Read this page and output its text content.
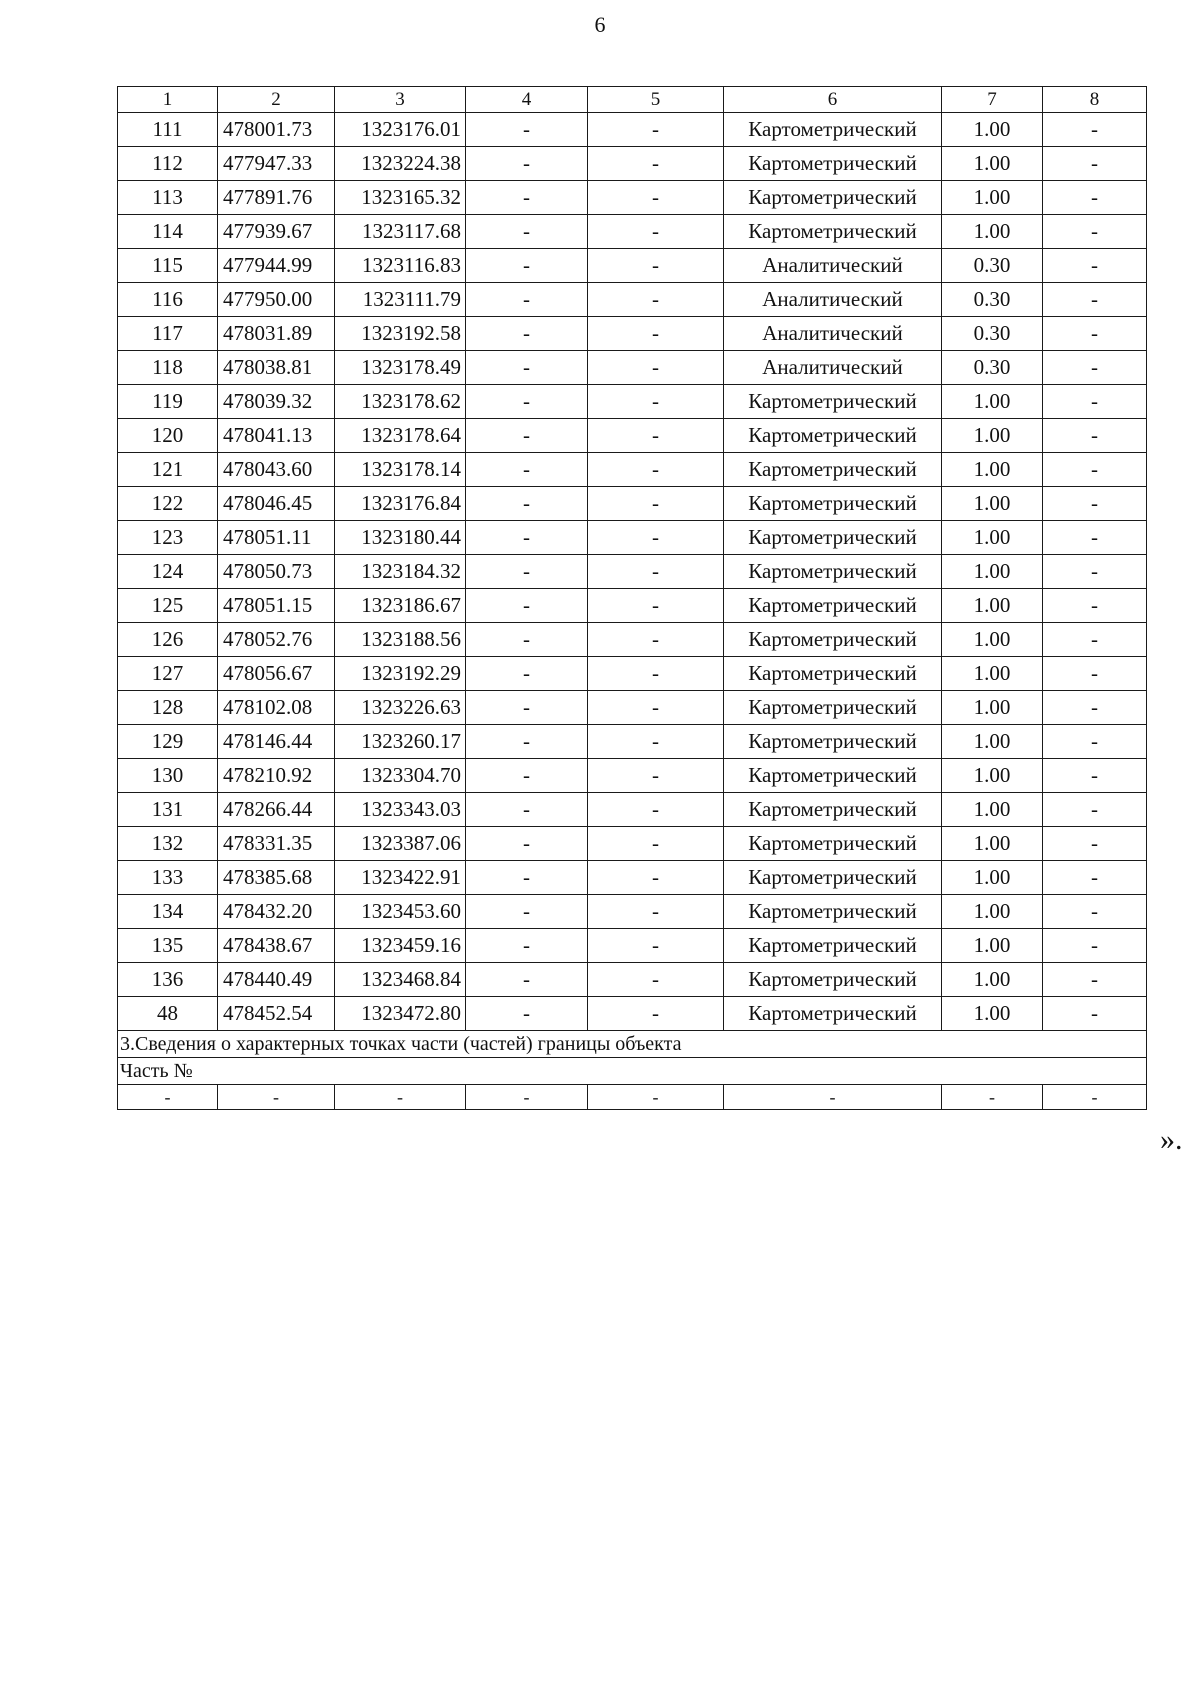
6
1	2	3	4	5	6	7	8
111	478001.73	1323176.01	-	-	Картометрический	1.00	-
112	477947.33	1323224.38	-	-	Картометрический	1.00	-
113	477891.76	1323165.32	-	-	Картометрический	1.00	-
114	477939.67	1323117.68	-	-	Картометрический	1.00	-
115	477944.99	1323116.83	-	-	Аналитический	0.30	-
116	477950.00	1323111.79	-	-	Аналитический	0.30	-
117	478031.89	1323192.58	-	-	Аналитический	0.30	-
118	478038.81	1323178.49	-	-	Аналитический	0.30	-
119	478039.32	1323178.62	-	-	Картометрический	1.00	-
120	478041.13	1323178.64	-	-	Картометрический	1.00	-
121	478043.60	1323178.14	-	-	Картометрический	1.00	-
122	478046.45	1323176.84	-	-	Картометрический	1.00	-
123	478051.11	1323180.44	-	-	Картометрический	1.00	-
124	478050.73	1323184.32	-	-	Картометрический	1.00	-
125	478051.15	1323186.67	-	-	Картометрический	1.00	-
126	478052.76	1323188.56	-	-	Картометрический	1.00	-
127	478056.67	1323192.29	-	-	Картометрический	1.00	-
128	478102.08	1323226.63	-	-	Картометрический	1.00	-
129	478146.44	1323260.17	-	-	Картометрический	1.00	-
130	478210.92	1323304.70	-	-	Картометрический	1.00	-
131	478266.44	1323343.03	-	-	Картометрический	1.00	-
132	478331.35	1323387.06	-	-	Картометрический	1.00	-
133	478385.68	1323422.91	-	-	Картометрический	1.00	-
134	478432.20	1323453.60	-	-	Картометрический	1.00	-
135	478438.67	1323459.16	-	-	Картометрический	1.00	-
136	478440.49	1323468.84	-	-	Картометрический	1.00	-
48	478452.54	1323472.80	-	-	Картометрический	1.00	-
3.Сведения о характерных точках части (частей) границы объекта							
Часть №							
-	-	-	-	-	-	-	-
».
